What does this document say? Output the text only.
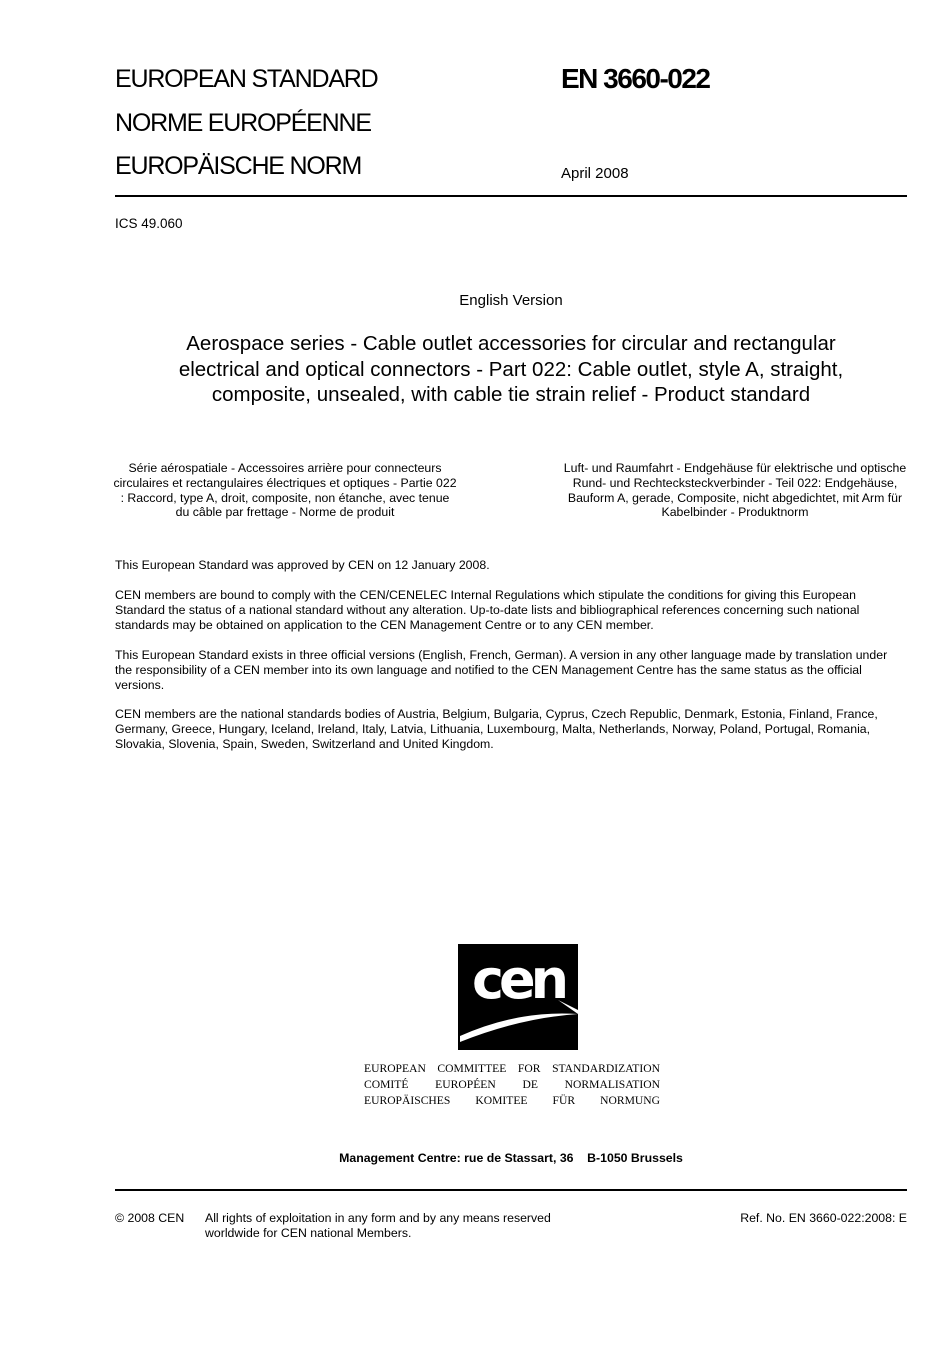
EUROPEAN STANDARD
NORME EUROPÉENNE
EUROPÄISCHE NORM
EN 3660-022
April 2008
ICS 49.060
English Version
Aerospace series - Cable outlet accessories for circular and rectangular electrical and optical connectors - Part 022: Cable outlet, style A, straight, composite, unsealed, with cable tie strain relief - Product standard
Série aérospatiale - Accessoires arrière pour connecteurs circulaires et rectangulaires électriques et optiques - Partie 022 : Raccord, type A, droit, composite, non étanche, avec tenue du câble par frettage - Norme de produit
Luft- und Raumfahrt - Endgehäuse für elektrische und optische Rund- und Rechtecksteckverbinder - Teil 022: Endgehäuse, Bauform A, gerade, Composite, nicht abgedichtet, mit Arm für Kabelbinder - Produktnorm
This European Standard was approved by CEN on 12 January 2008.
CEN members are bound to comply with the CEN/CENELEC Internal Regulations which stipulate the conditions for giving this European Standard the status of a national standard without any alteration. Up-to-date lists and bibliographical references concerning such national standards may be obtained on application to the CEN Management Centre or to any CEN member.
This European Standard exists in three official versions (English, French, German). A version in any other language made by translation under the responsibility of a CEN member into its own language and notified to the CEN Management Centre has the same status as the official versions.
CEN members are the national standards bodies of Austria, Belgium, Bulgaria, Cyprus, Czech Republic, Denmark, Estonia, Finland, France, Germany, Greece, Hungary, Iceland, Ireland, Italy, Latvia, Lithuania, Luxembourg, Malta, Netherlands, Norway, Poland, Portugal, Romania, Slovakia, Slovenia, Spain, Sweden, Switzerland and United Kingdom.
cen
EUROPEAN COMMITTEE FOR STANDARDIZATION
COMITÉ EUROPÉEN DE NORMALISATION
EUROPÄISCHES KOMITEE FÜR NORMUNG
Management Centre: rue de Stassart, 36    B-1050 Brussels
© 2008 CEN All rights of exploitation in any form and by any means reserved worldwide for CEN national Members.
Ref. No. EN 3660-022:2008: E
